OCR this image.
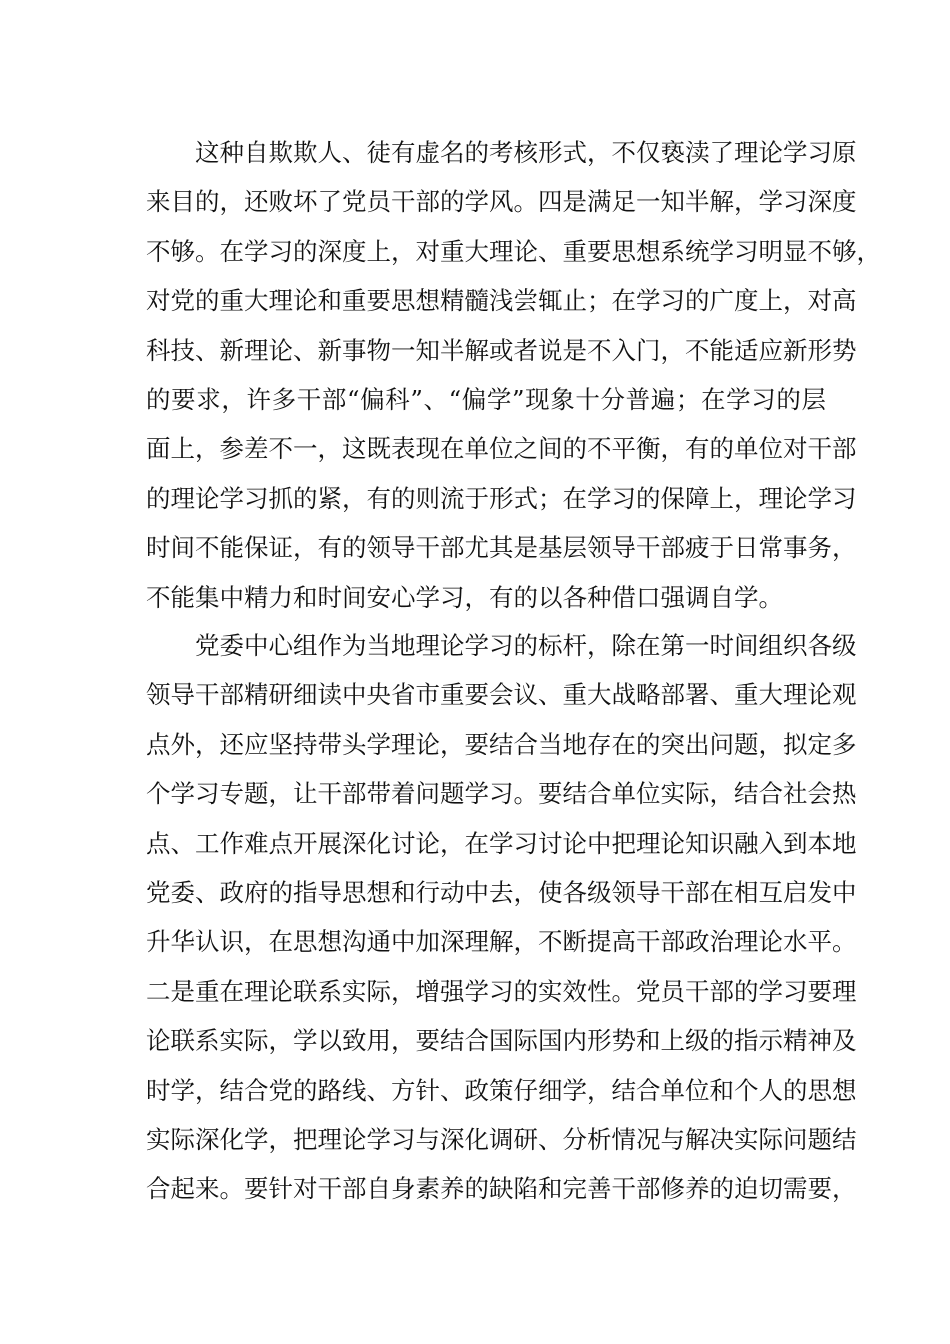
这种自欺欺人、徒有虚名的考核形式，不仅亵渎了理论学习原
来目的，还败坏了党员干部的学风。四是满足一知半解，学习深度
不够。在学习的深度上，对重大理论、重要思想系统学习明显不够，
对党的重大理论和重要思想精髓浅尝辄止；在学习的广度上，对高
科技、新理论、新事物一知半解或者说是不入门，不能适应新形势
的要求，许多干部“偏科”、“偏学”现象十分普遍；在学习的层
面上，参差不一，这既表现在单位之间的不平衡，有的单位对干部
的理论学习抓的紧，有的则流于形式；在学习的保障上，理论学习
时间不能保证，有的领导干部尤其是基层领导干部疲于日常事务，
不能集中精力和时间安心学习，有的以各种借口强调自学。
党委中心组作为当地理论学习的标杆，除在第一时间组织各级
领导干部精研细读中央省市重要会议、重大战略部署、重大理论观
点外，还应坚持带头学理论，要结合当地存在的突出问题，拟定多
个学习专题，让干部带着问题学习。要结合单位实际，结合社会热
点、工作难点开展深化讨论，在学习讨论中把理论知识融入到本地
党委、政府的指导思想和行动中去，使各级领导干部在相互启发中
升华认识，在思想沟通中加深理解，不断提高干部政治理论水平。
二是重在理论联系实际，增强学习的实效性。党员干部的学习要理
论联系实际，学以致用，要结合国际国内形势和上级的指示精神及
时学，结合党的路线、方针、政策仔细学，结合单位和个人的思想
实际深化学，把理论学习与深化调研、分析情况与解决实际问题结
合起来。要针对干部自身素养的缺陷和完善干部修养的迫切需要，
